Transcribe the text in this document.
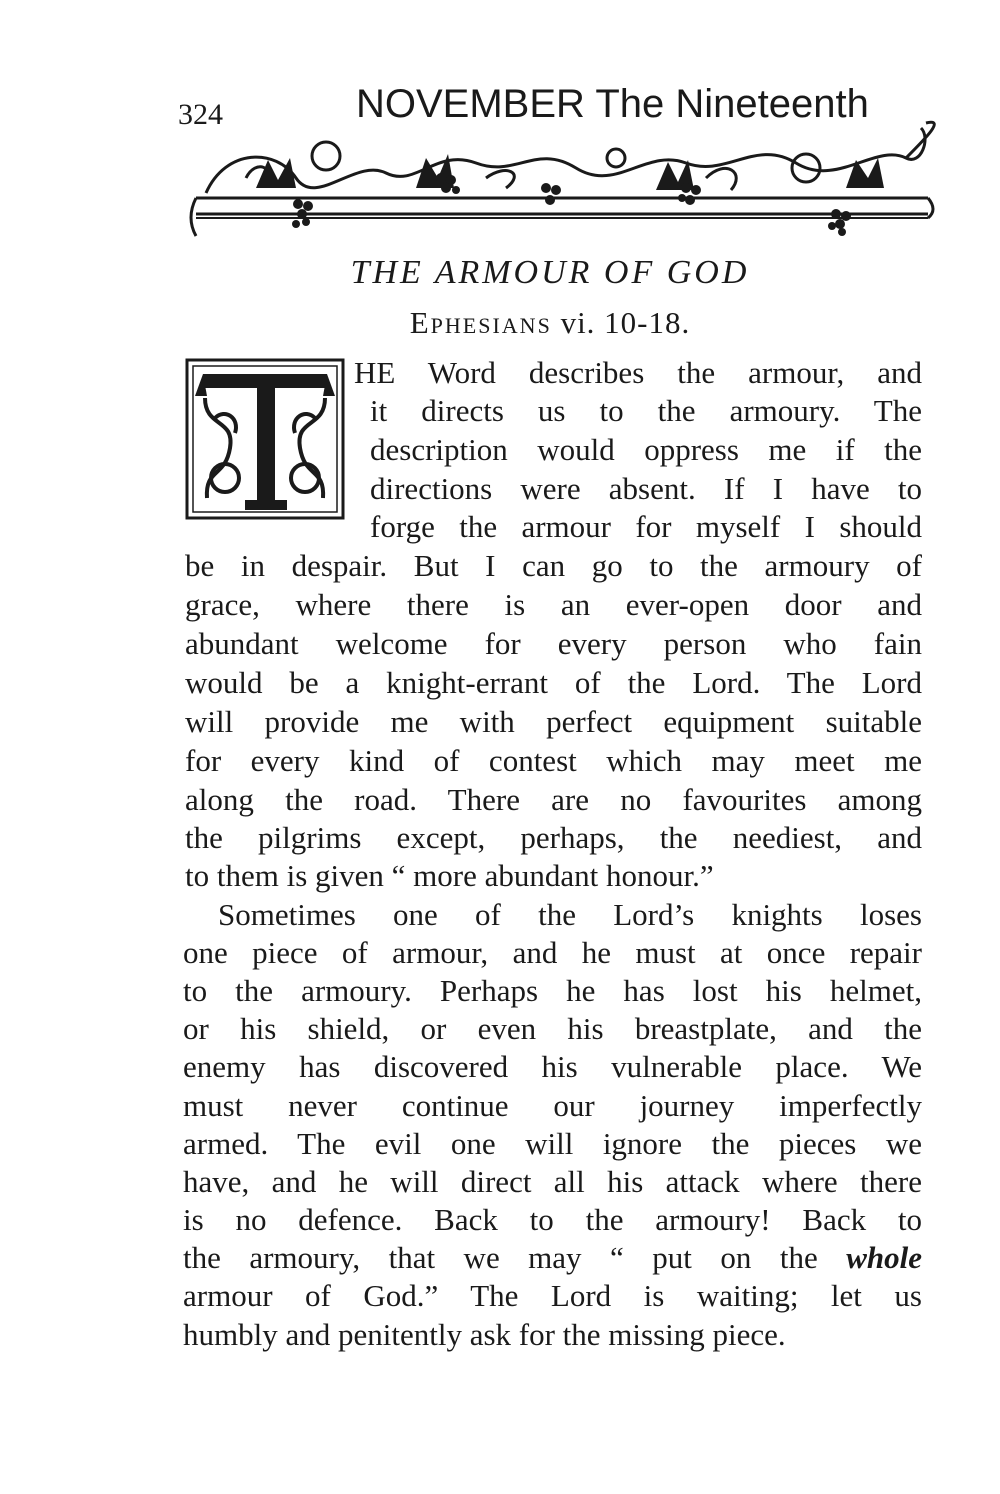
324	NOVEMBER The Nineteenth
THE ARMOUR OF GOD
Ephesians vi. 10-18.
T
HE Word describes the armour, and
it directs us to the armoury. The
description would oppress me if the
directions were absent. If I have to
forge the armour for myself I should
be in despair. But I can go to the armoury of
grace, where there is an ever-open door and
abundant welcome for every person who fain
would be a knight-errant of the Lord. The Lord
will provide me with perfect equipment suitable
for every kind of contest which may meet me
along the road. There are no favourites among
the pilgrims except, perhaps, the neediest, and
to them is given “ more abundant honour.”
Sometimes one of the Lord’s knights loses
one piece of armour, and he must at once repair
to the armoury. Perhaps he has lost his helmet,
or his shield, or even his breastplate, and the
enemy has discovered his vulnerable place. We
must never continue our journey imperfectly
armed. The evil one will ignore the pieces we
have, and he will direct all his attack where there
is no defence. Back to the armoury! Back to
the armoury, that we may “ put on the whole
armour of God.” The Lord is waiting; let us
humbly and penitently ask for the missing piece.
